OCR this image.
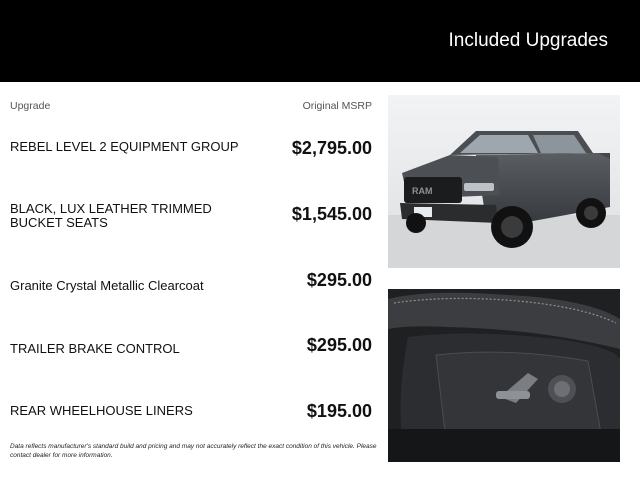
Included Upgrades
Upgrade	Original MSRP
REBEL LEVEL 2 EQUIPMENT GROUP	$2,795.00
BLACK, LUX LEATHER TRIMMED BUCKET SEATS	$1,545.00
Granite Crystal Metallic Clearcoat	$295.00
TRAILER BRAKE CONTROL	$295.00
REAR WHEELHOUSE LINERS	$195.00
Data reflects manufacturer's standard build and pricing and may not accurately reflect the exact condition of this vehicle. Please contact dealer for more information.
RAM
